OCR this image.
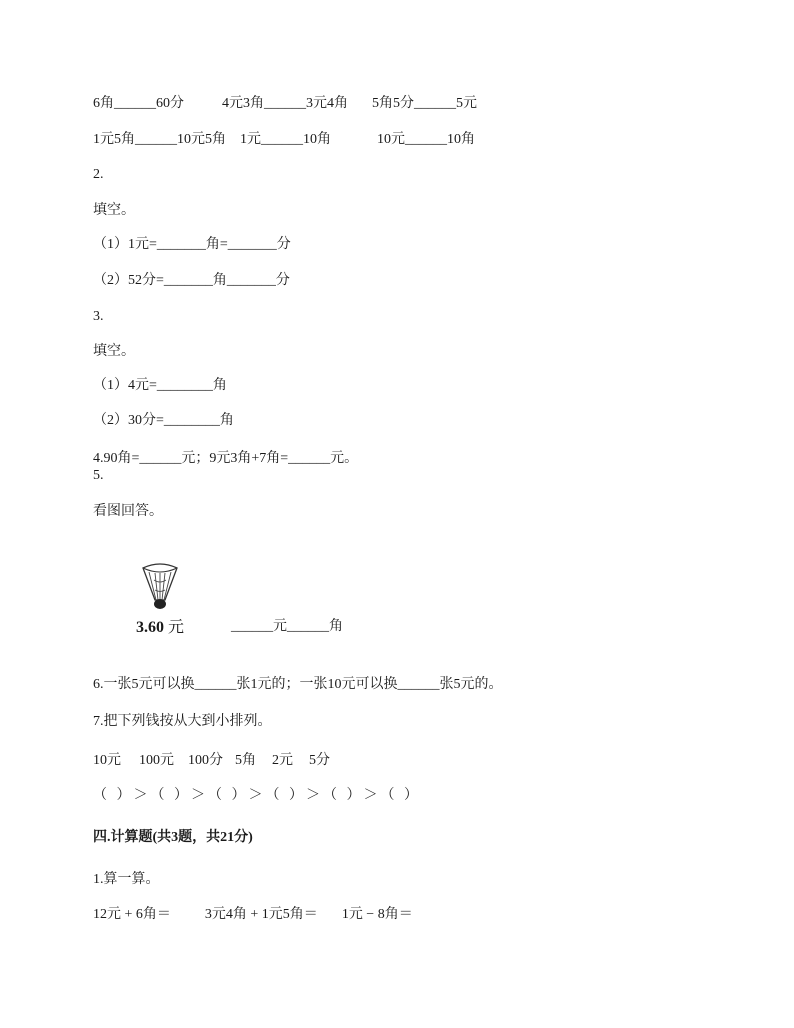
6角______60分	4元3角______3元4角 5角5分______5元
1元5角______10元5角 1元______10角	10元______10角
2.
填空。
（1）1元=_______角=_______分
（2）52分=_______角_______分
3.
填空。
（1）4元=________角
（2）30分=________角
4.90角=______元；9元3角+7角=______元。
5.
看图回答。
3.60 元	______元______角
6.一张5元可以换______张1元的；一张10元可以换______张5元的。
7.把下列钱按从大到小排列。
10元 100元 100分 5角 2元 5分
（ ）＞（ ）＞（ ）＞（ ）＞（ ）＞（ ）
四.计算题(共3题，共21分)
1.算一算。
12元 + 6角＝ 3元4角 + 1元5角＝ 1元 − 8角＝
